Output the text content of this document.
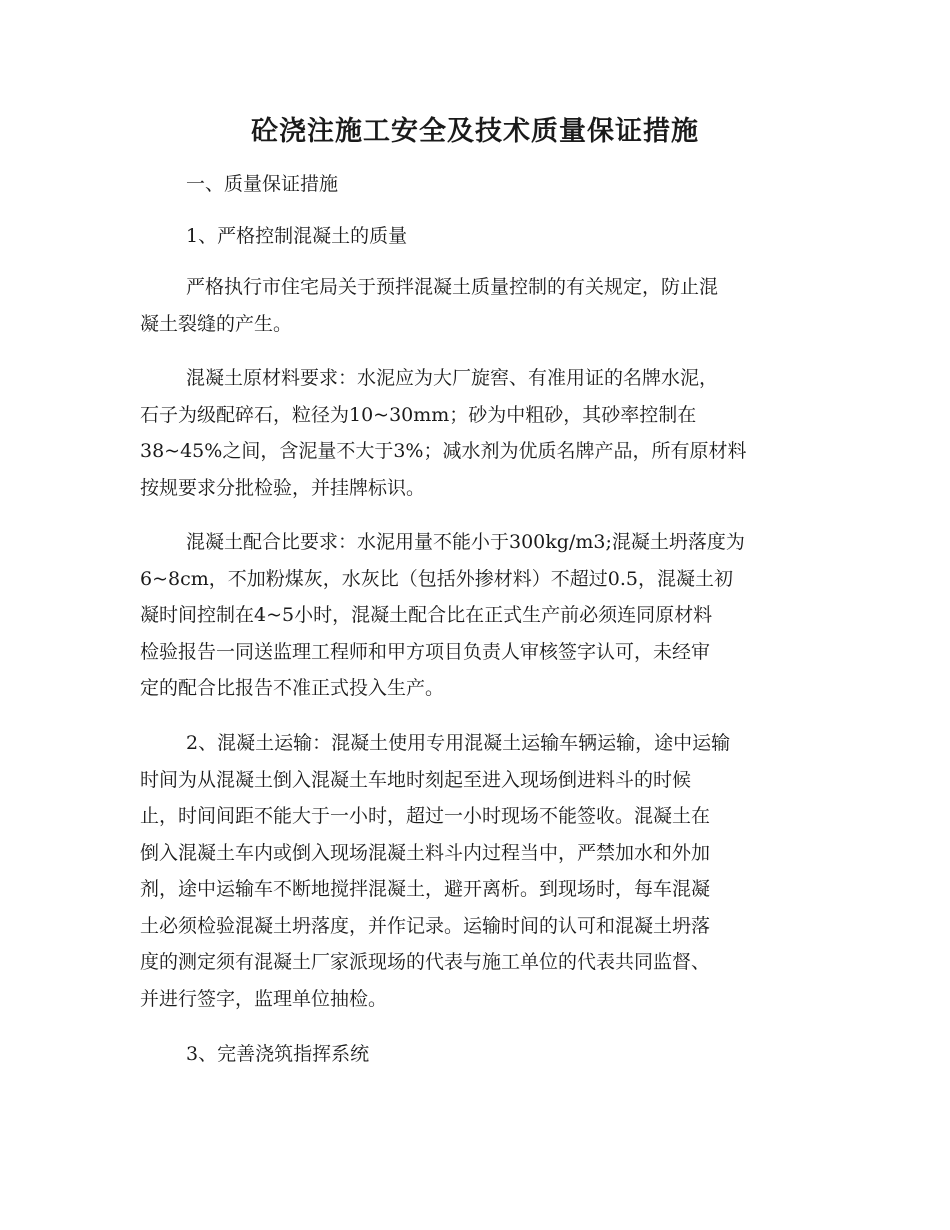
砼浇注施工安全及技术质量保证措施

一、质量保证措施

1、严格控制混凝土的质量

严格执行市住宅局关于预拌混凝土质量控制的有关规定，防止混
凝土裂缝的产生。

混凝土原材料要求：水泥应为大厂旋窖、有准用证的名牌水泥，
石子为级配碎石，粒径为10~30mm；砂为中粗砂，其砂率控制在
38~45%之间，含泥量不大于3%；减水剂为优质名牌产品，所有原材料
按规要求分批检验，并挂牌标识。

混凝土配合比要求：水泥用量不能小于300kg/m3;混凝土坍落度为
6~8cm，不加粉煤灰，水灰比（包括外掺材料）不超过0.5，混凝土初
凝时间控制在4~5小时，混凝土配合比在正式生产前必须连同原材料
检验报告一同送监理工程师和甲方项目负责人审核签字认可，未经审
定的配合比报告不准正式投入生产。

2、混凝土运输：混凝土使用专用混凝土运输车辆运输，途中运输
时间为从混凝土倒入混凝土车地时刻起至进入现场倒进料斗的时候
止，时间间距不能大于一小时，超过一小时现场不能签收。混凝土在
倒入混凝土车内或倒入现场混凝土料斗内过程当中，严禁加水和外加
剂，途中运输车不断地搅拌混凝土，避开离析。到现场时，每车混凝
土必须检验混凝土坍落度，并作记录。运输时间的认可和混凝土坍落
度的测定须有混凝土厂家派现场的代表与施工单位的代表共同监督、
并进行签字，监理单位抽检。

3、完善浇筑指挥系统
